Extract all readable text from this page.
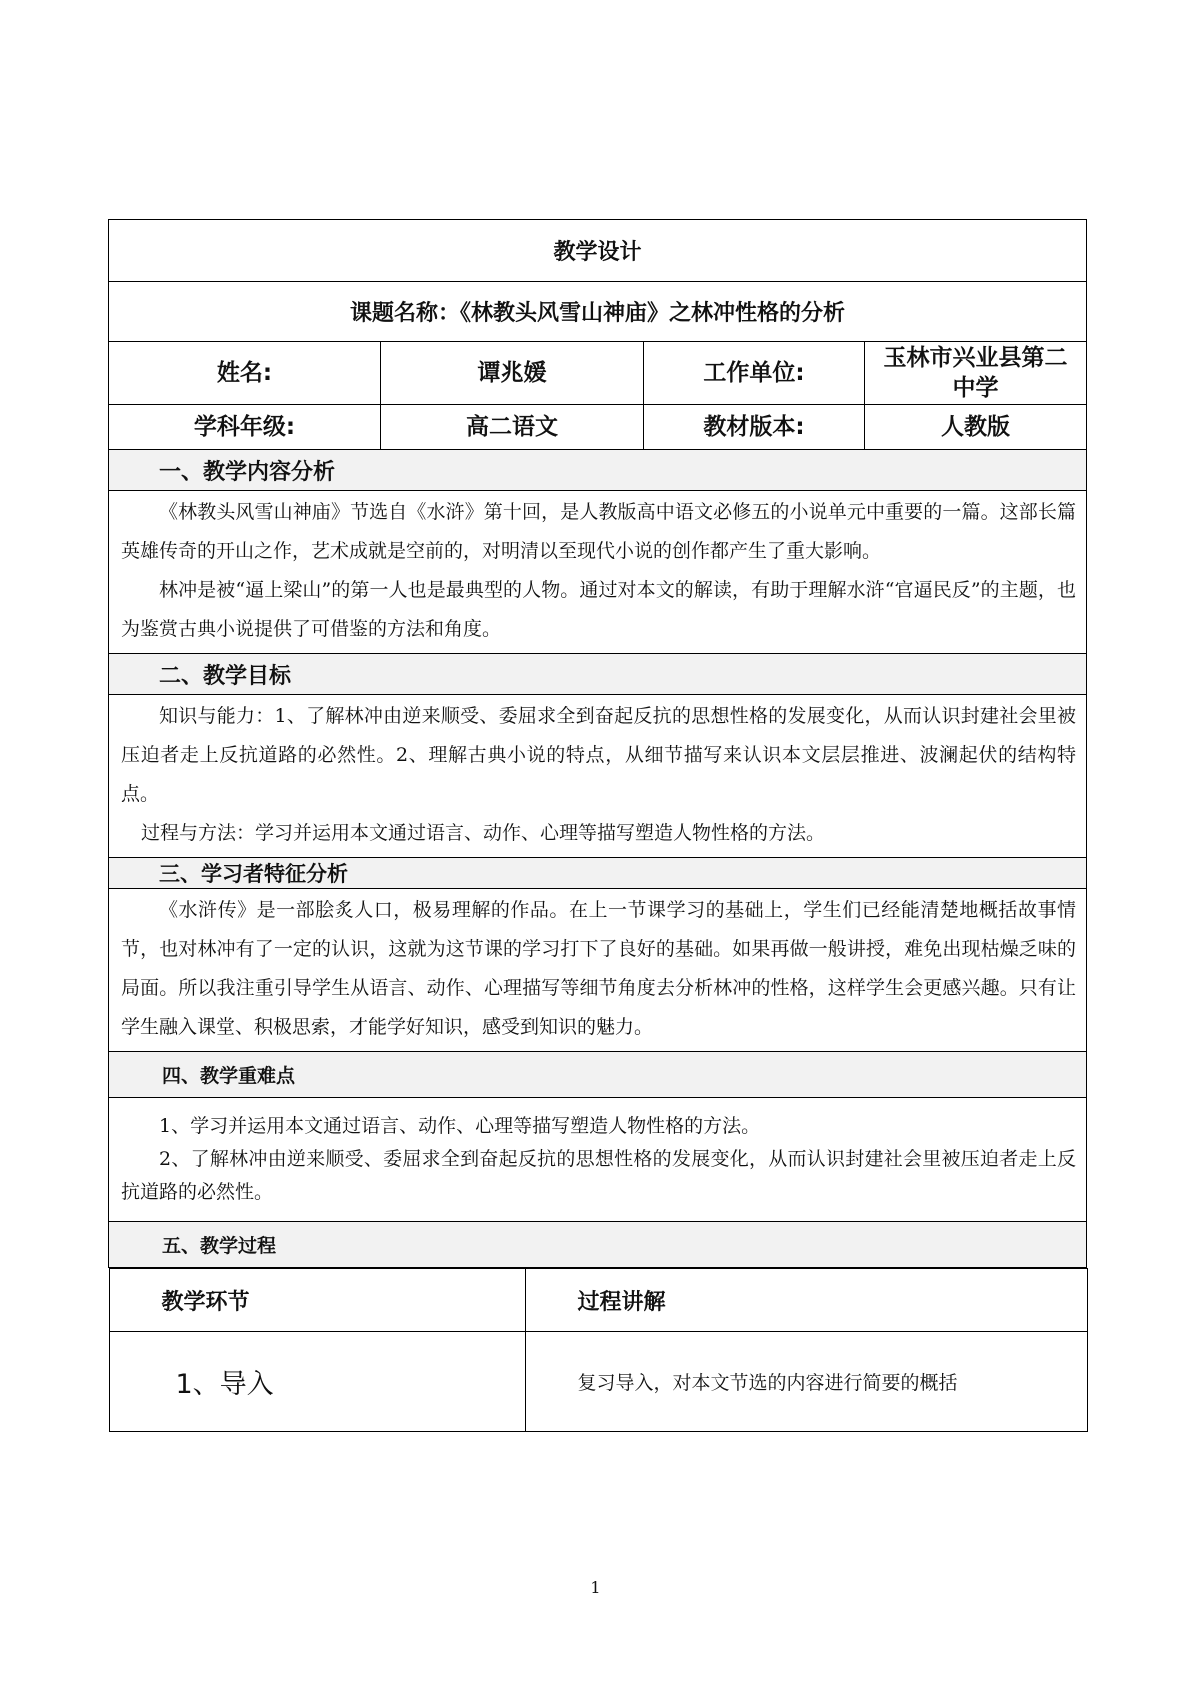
教学设计
课题名称：《林教头风雪山神庙》之林冲性格的分析
姓名:	谭兆媛	工作单位:	玉林市兴业县第二中学
学科年级:	高二语文	教材版本:	人教版
一、教学内容分析

《林教头风雪山神庙》节选自《水浒》第十回，是人教版高中语文必修五的小说单元中重要的一篇。这部长篇英雄传奇的开山之作，艺术成就是空前的，对明清以至现代小说的创作都产生了重大影响。

林冲是被“逼上梁山”的第一人也是最典型的人物。通过对本文的解读，有助于理解水浒“官逼民反”的主题，也为鉴赏古典小说提供了可借鉴的方法和角度。

二、教学目标

知识与能力：1、了解林冲由逆来顺受、委屈求全到奋起反抗的思想性格的发展变化，从而认识封建社会里被压迫者走上反抗道路的必然性。2、理解古典小说的特点，从细节描写来认识本文层层推进、波澜起伏的结构特点。

过程与方法：学习并运用本文通过语言、动作、心理等描写塑造人物性格的方法。

三、学习者特征分析

《水浒传》是一部脍炙人口，极易理解的作品。在上一节课学习的基础上，学生们已经能清楚地概括故事情节，也对林冲有了一定的认识，这就为这节课的学习打下了良好的基础。如果再做一般讲授，难免出现枯燥乏味的局面。所以我注重引导学生从语言、动作、心理描写等细节角度去分析林冲的性格，这样学生会更感兴趣。只有让学生融入课堂、积极思索，才能学好知识，感受到知识的魅力。

四、教学重难点

1、学习并运用本文通过语言、动作、心理等描写塑造人物性格的方法。

2、了解林冲由逆来顺受、委屈求全到奋起反抗的思想性格的发展变化，从而认识封建社会里被压迫者走上反抗道路的必然性。

五、教学过程

教学环节	过程讲解
1、导入	复习导入，对本文节选的内容进行简要的概括
1
